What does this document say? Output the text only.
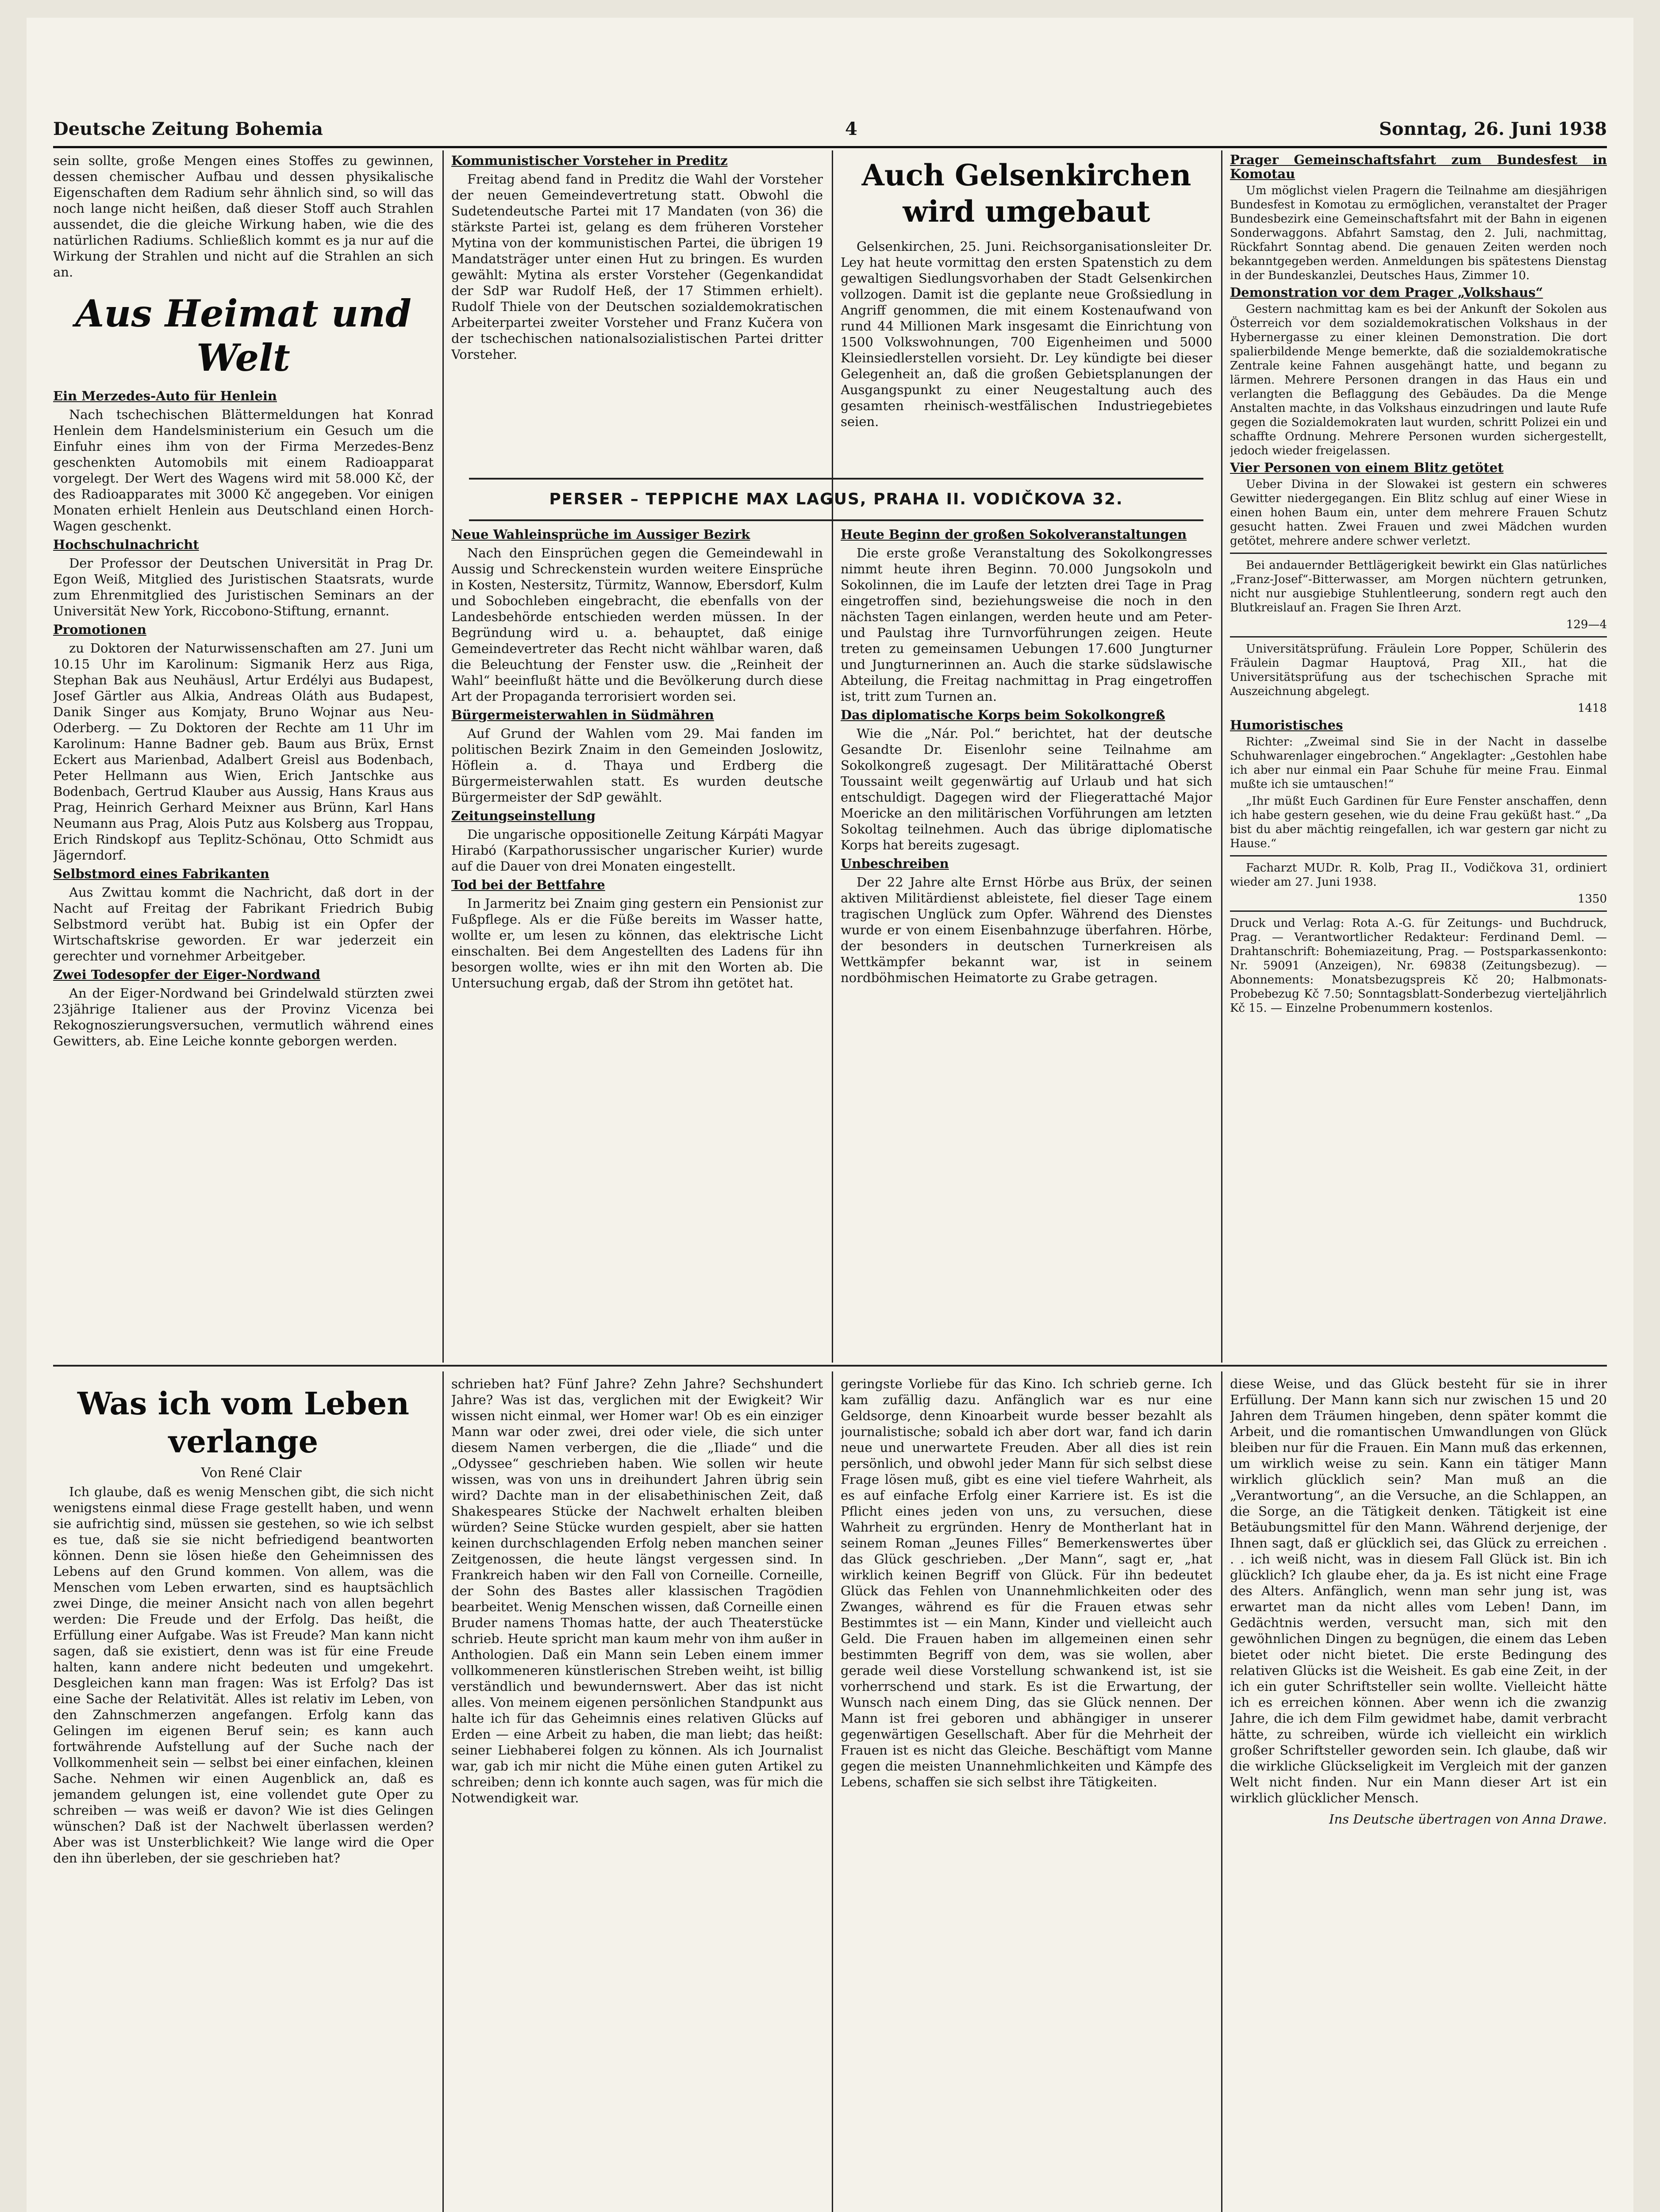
Deutsche Zeitung Bohemia	4	Sonntag, 26. Juni 1938

sein sollte, große Mengen eines Stoffes zu gewinnen, dessen chemischer Aufbau und dessen physikalische Eigenschaften dem Radium sehr ähnlich sind, so will das noch lange nicht heißen, daß dieser Stoff auch Strahlen aussendet, die die gleiche Wirkung haben, wie die des natürlichen Radiums. Schließlich kommt es ja nur auf die Wirkung der Strahlen und nicht auf die Strahlen an sich an.

Aus Heimat und Welt

Ein Merzedes-Auto für Henlein

Nach tschechischen Blättermeldungen hat Konrad Henlein dem Handelsministerium ein Gesuch um die Einfuhr eines ihm von der Firma Merzedes-Benz geschenkten Automobils mit einem Radioapparat vorgelegt. Der Wert des Wagens wird mit 58.000 Kč, der des Radioapparates mit 3000 Kč angegeben. Vor einigen Monaten erhielt Henlein aus Deutschland einen Horch-Wagen geschenkt.

Hochschulnachricht

Der Professor der Deutschen Universität in Prag Dr. Egon Weiß, Mitglied des Juristischen Staatsrats, wurde zum Ehrenmitglied des Juristischen Seminars an der Universität New York, Riccobono-Stiftung, ernannt.

Promotionen

zu Doktoren der Naturwissenschaften am 27. Juni um 10.15 Uhr im Karolinum: Sigmanik Herz aus Riga, Stephan Bak aus Neuhäusl, Artur Erdélyi aus Budapest, Josef Gärtler aus Alkia, Andreas Oláth aus Budapest, Danik Singer aus Komjaty, Bruno Wojnar aus Neu-Oderberg. — Zu Doktoren der Rechte am 11 Uhr im Karolinum: Hanne Badner geb. Baum aus Brüx, Ernst Eckert aus Marienbad, Adalbert Greisl aus Bodenbach, Peter Hellmann aus Wien, Erich Jantschke aus Bodenbach, Gertrud Klauber aus Aussig, Hans Kraus aus Prag, Heinrich Gerhard Meixner aus Brünn, Karl Hans Neumann aus Prag, Alois Putz aus Kolsberg aus Troppau, Erich Rindskopf aus Teplitz-Schönau, Otto Schmidt aus Jägerndorf.

Selbstmord eines Fabrikanten

Aus Zwittau kommt die Nachricht, daß dort in der Nacht auf Freitag der Fabrikant Friedrich Bubig Selbstmord verübt hat. Bubig ist ein Opfer der Wirtschaftskrise geworden. Er war jederzeit ein gerechter und vornehmer Arbeitgeber.

Zwei Todesopfer der Eiger-Nordwand

An der Eiger-Nordwand bei Grindelwald stürzten zwei 23jährige Italiener aus der Provinz Vicenza bei Rekognoszierungsversuchen, vermutlich während eines Gewitters, ab. Eine Leiche konnte geborgen werden.

Kommunistischer Vorsteher in Preditz

Freitag abend fand in Preditz die Wahl der Vorsteher der neuen Gemeindevertretung statt. Obwohl die Sudetendeutsche Partei mit 17 Mandaten (von 36) die stärkste Partei ist, gelang es dem früheren Vorsteher Mytina von der kommunistischen Partei, die übrigen 19 Mandatsträger unter einen Hut zu bringen. Es wurden gewählt: Mytina als erster Vorsteher (Gegenkandidat der SdP war Rudolf Heß, der 17 Stimmen erhielt). Rudolf Thiele von der Deutschen sozialdemokratischen Arbeiterpartei zweiter Vorsteher und Franz Kučera von der tschechischen nationalsozialistischen Partei dritter Vorsteher.

Auch Gelsenkirchen wird umgebaut

Gelsenkirchen, 25. Juni. Reichsorganisationsleiter Dr. Ley hat heute vormittag den ersten Spatenstich zu dem gewaltigen Siedlungsvorhaben der Stadt Gelsenkirchen vollzogen. Damit ist die geplante neue Großsiedlung in Angriff genommen, die mit einem Kostenaufwand von rund 44 Millionen Mark insgesamt die Einrichtung von 1500 Volkswohnungen, 700 Eigenheimen und 5000 Kleinsiedlerstellen vorsieht. Dr. Ley kündigte bei dieser Gelegenheit an, daß die großen Gebietsplanungen der Ausgangspunkt zu einer Neugestaltung auch des gesamten rheinisch-westfälischen Industriegebietes seien.

PERSER – TEPPICHE MAX LAGUS, PRAHA II. VODIČKOVA 32.

Neue Wahleinsprüche im Aussiger Bezirk

Nach den Einsprüchen gegen die Gemeindewahl in Aussig und Schreckenstein wurden weitere Einsprüche in Kosten, Nestersitz, Türmitz, Wannow, Ebersdorf, Kulm und Sobochleben eingebracht, die ebenfalls von der Landesbehörde entschieden werden müssen. In der Begründung wird u. a. behauptet, daß einige Gemeindevertreter das Recht nicht wählbar waren, daß die Beleuchtung der Fenster usw. die „Reinheit der Wahl“ beeinflußt hätte und die Bevölkerung durch diese Art der Propaganda terrorisiert worden sei.

Bürgermeisterwahlen in Südmähren

Auf Grund der Wahlen vom 29. Mai fanden im politischen Bezirk Znaim in den Gemeinden Joslowitz, Höflein a. d. Thaya und Erdberg die Bürgermeisterwahlen statt. Es wurden deutsche Bürgermeister der SdP gewählt.

Zeitungseinstellung

Die ungarische oppositionelle Zeitung Kárpáti Magyar Hirabó (Karpathorussischer ungarischer Kurier) wurde auf die Dauer von drei Monaten eingestellt.

Tod bei der Bettfahre

In Jarmeritz bei Znaim ging gestern ein Pensionist zur Fußpflege. Als er die Füße bereits im Wasser hatte, wollte er, um lesen zu können, das elektrische Licht einschalten. Bei dem Angestellten des Ladens für ihn besorgen wollte, wies er ihn mit den Worten ab. Die Untersuchung ergab, daß der Strom ihn getötet hat.

Heute Beginn der großen Sokolveranstaltungen

Die erste große Veranstaltung des Sokolkongresses nimmt heute ihren Beginn. 70.000 Jungsokoln und Sokolinnen, die im Laufe der letzten drei Tage in Prag eingetroffen sind, beziehungsweise die noch in den nächsten Tagen einlangen, werden heute und am Peter- und Paulstag ihre Turnvorführungen zeigen. Heute treten zu gemeinsamen Uebungen 17.600 Jungturner und Jungturnerinnen an. Auch die starke südslawische Abteilung, die Freitag nachmittag in Prag eingetroffen ist, tritt zum Turnen an.

Das diplomatische Korps beim Sokolkongreß

Wie die „Nár. Pol.“ berichtet, hat der deutsche Gesandte Dr. Eisenlohr seine Teilnahme am Sokolkongreß zugesagt. Der Militärattaché Oberst Toussaint weilt gegenwärtig auf Urlaub und hat sich entschuldigt. Dagegen wird der Fliegerattaché Major Moericke an den militärischen Vorführungen am letzten Sokoltag teilnehmen. Auch das übrige diplomatische Korps hat bereits zugesagt.

Unbeschreiben

Der 22 Jahre alte Ernst Hörbe aus Brüx, der seinen aktiven Militärdienst ableistete, fiel dieser Tage einem tragischen Unglück zum Opfer. Während des Dienstes wurde er von einem Eisenbahnzuge überfahren. Hörbe, der besonders in deutschen Turnerkreisen als Wettkämpfer bekannt war, ist in seinem nordböhmischen Heimatorte zu Grabe getragen.

Prager Gemeinschaftsfahrt zum Bundesfest in Komotau

Um möglichst vielen Pragern die Teilnahme am diesjährigen Bundesfest in Komotau zu ermöglichen, veranstaltet der Prager Bundesbezirk eine Gemeinschaftsfahrt mit der Bahn in eigenen Sonderwaggons. Abfahrt Samstag, den 2. Juli, nachmittag, Rückfahrt Sonntag abend. Die genauen Zeiten werden noch bekanntgegeben werden. Anmeldungen bis spätestens Dienstag in der Bundeskanzlei, Deutsches Haus, Zimmer 10.

Demonstration vor dem Prager „Volkshaus“

Gestern nachmittag kam es bei der Ankunft der Sokolen aus Österreich vor dem sozialdemokratischen Volkshaus in der Hybernergasse zu einer kleinen Demonstration. Die dort spalierbildende Menge bemerkte, daß die sozialdemokratische Zentrale keine Fahnen ausgehängt hatte, und begann zu lärmen. Mehrere Personen drangen in das Haus ein und verlangten die Beflaggung des Gebäudes. Da die Menge Anstalten machte, in das Volkshaus einzudringen und laute Rufe gegen die Sozialdemokraten laut wurden, schritt Polizei ein und schaffte Ordnung. Mehrere Personen wurden sichergestellt, jedoch wieder freigelassen.

Vier Personen von einem Blitz getötet

Ueber Divina in der Slowakei ist gestern ein schweres Gewitter niedergegangen. Ein Blitz schlug auf einer Wiese in einen hohen Baum ein, unter dem mehrere Frauen Schutz gesucht hatten. Zwei Frauen und zwei Mädchen wurden getötet, mehrere andere schwer verletzt.

Bei andauernder Bettlägerigkeit bewirkt ein Glas natürliches „Franz-Josef“-Bitterwasser, am Morgen nüchtern getrunken, nicht nur ausgiebige Stuhlentleerung, sondern regt auch den Blutkreislauf an. Fragen Sie Ihren Arzt.

129—4

Universitätsprüfung. Fräulein Lore Popper, Schülerin des Fräulein Dagmar Hauptová, Prag XII., hat die Universitätsprüfung aus der tschechischen Sprache mit Auszeichnung abgelegt.

1418

Humoristisches

Richter: „Zweimal sind Sie in der Nacht in dasselbe Schuhwarenlager eingebrochen.“ Angeklagter: „Gestohlen habe ich aber nur einmal ein Paar Schuhe für meine Frau. Einmal mußte ich sie umtauschen!“

„Ihr müßt Euch Gardinen für Eure Fenster anschaffen, denn ich habe gestern gesehen, wie du deine Frau geküßt hast.“ „Da bist du aber mächtig reingefallen, ich war gestern gar nicht zu Hause.“

Facharzt MUDr. R. Kolb, Prag II., Vodičkova 31, ordiniert wieder am 27. Juni 1938.

1350

Druck und Verlag: Rota A.-G. für Zeitungs- und Buchdruck, Prag. — Verantwortlicher Redakteur: Ferdinand Deml. — Drahtanschrift: Bohemiazeitung, Prag. — Postsparkassenkonto: Nr. 59091 (Anzeigen), Nr. 69838 (Zeitungsbezug). — Abonnements: Monatsbezugspreis Kč 20; Halbmonats-Probebezug Kč 7.50; Sonntagsblatt-Sonderbezug vierteljährlich Kč 15. — Einzelne Probenummern kostenlos.

Was ich vom Leben verlange

Von René Clair

Ich glaube, daß es wenig Menschen gibt, die sich nicht wenigstens einmal diese Frage gestellt haben, und wenn sie aufrichtig sind, müssen sie gestehen, so wie ich selbst es tue, daß sie sie nicht befriedigend beantworten können. Denn sie lösen hieße den Geheimnissen des Lebens auf den Grund kommen. Von allem, was die Menschen vom Leben erwarten, sind es hauptsächlich zwei Dinge, die meiner Ansicht nach von allen begehrt werden: Die Freude und der Erfolg. Das heißt, die Erfüllung einer Aufgabe. Was ist Freude? Man kann nicht sagen, daß sie existiert, denn was ist für eine Freude halten, kann andere nicht bedeuten und umgekehrt. Desgleichen kann man fragen: Was ist Erfolg? Das ist eine Sache der Relativität. Alles ist relativ im Leben, von den Zahnschmerzen angefangen. Erfolg kann das Gelingen im eigenen Beruf sein; es kann auch fortwährende Aufstellung auf der Suche nach der Vollkommenheit sein — selbst bei einer einfachen, kleinen Sache. Nehmen wir einen Augenblick an, daß es jemandem gelungen ist, eine vollendet gute Oper zu schreiben — was weiß er davon? Wie ist dies Gelingen wünschen? Daß ist der Nachwelt überlassen werden? Aber was ist Unsterblichkeit? Wie lange wird die Oper den ihn überleben, der sie geschrieben hat?

schrieben hat? Fünf Jahre? Zehn Jahre? Sechshundert Jahre? Was ist das, verglichen mit der Ewigkeit? Wir wissen nicht einmal, wer Homer war! Ob es ein einziger Mann war oder zwei, drei oder viele, die sich unter diesem Namen verbergen, die die „Iliade“ und die „Odyssee“ geschrieben haben. Wie sollen wir heute wissen, was von uns in dreihundert Jahren übrig sein wird? Dachte man in der elisabethinischen Zeit, daß Shakespeares Stücke der Nachwelt erhalten bleiben würden? Seine Stücke wurden gespielt, aber sie hatten keinen durchschlagenden Erfolg neben manchen seiner Zeitgenossen, die heute längst vergessen sind. In Frankreich haben wir den Fall von Corneille. Corneille, der Sohn des Bastes aller klassischen Tragödien bearbeitet. Wenig Menschen wissen, daß Corneille einen Bruder namens Thomas hatte, der auch Theaterstücke schrieb. Heute spricht man kaum mehr von ihm außer in Anthologien. Daß ein Mann sein Leben einem immer vollkommeneren künstlerischen Streben weiht, ist billig verständlich und bewundernswert. Aber das ist nicht alles. Von meinem eigenen persönlichen Standpunkt aus halte ich für das Geheimnis eines relativen Glücks auf Erden — eine Arbeit zu haben, die man liebt; das heißt: seiner Liebhaberei folgen zu können. Als ich Journalist war, gab ich mir nicht die Mühe einen guten Artikel zu schreiben; denn ich konnte auch sagen, was für mich die Notwendigkeit war.

geringste Vorliebe für das Kino. Ich schrieb gerne. Ich kam zufällig dazu. Anfänglich war es nur eine Geldsorge, denn Kinoarbeit wurde besser bezahlt als journalistische; sobald ich aber dort war, fand ich darin neue und unerwartete Freuden. Aber all dies ist rein persönlich, und obwohl jeder Mann für sich selbst diese Frage lösen muß, gibt es eine viel tiefere Wahrheit, als es auf einfache Erfolg einer Karriere ist. Es ist die Pflicht eines jeden von uns, zu versuchen, diese Wahrheit zu ergründen. Henry de Montherlant hat in seinem Roman „Jeunes Filles“ Bemerkenswertes über das Glück geschrieben. „Der Mann“, sagt er, „hat wirklich keinen Begriff von Glück. Für ihn bedeutet Glück das Fehlen von Unannehmlichkeiten oder des Zwanges, während es für die Frauen etwas sehr Bestimmtes ist — ein Mann, Kinder und vielleicht auch Geld. Die Frauen haben im allgemeinen einen sehr bestimmten Begriff von dem, was sie wollen, aber gerade weil diese Vorstellung schwankend ist, ist sie vorherrschend und stark. Es ist die Erwartung, der Wunsch nach einem Ding, das sie Glück nennen. Der Mann ist frei geboren und abhängiger in unserer gegenwärtigen Gesellschaft. Aber für die Mehrheit der Frauen ist es nicht das Gleiche. Beschäftigt vom Manne gegen die meisten Unannehmlichkeiten und Kämpfe des Lebens, schaffen sie sich selbst ihre Tätigkeiten.

diese Weise, und das Glück besteht für sie in ihrer Erfüllung. Der Mann kann sich nur zwischen 15 und 20 Jahren dem Träumen hingeben, denn später kommt die Arbeit, und die romantischen Umwandlungen von Glück bleiben nur für die Frauen. Ein Mann muß das erkennen, um wirklich weise zu sein. Kann ein tätiger Mann wirklich glücklich sein? Man muß an die „Verantwortung“, an die Versuche, an die Schlappen, an die Sorge, an die Tätigkeit denken. Tätigkeit ist eine Betäubungsmittel für den Mann. Während derjenige, der Ihnen sagt, daß er glücklich sei, das Glück zu erreichen . . . ich weiß nicht, was in diesem Fall Glück ist. Bin ich glücklich? Ich glaube eher, da ja. Es ist nicht eine Frage des Alters. Anfänglich, wenn man sehr jung ist, was erwartet man da nicht alles vom Leben! Dann, im Gedächtnis werden, versucht man, sich mit den gewöhnlichen Dingen zu begnügen, die einem das Leben bietet oder nicht bietet. Die erste Bedingung des relativen Glücks ist die Weisheit. Es gab eine Zeit, in der ich ein guter Schriftsteller sein wollte. Vielleicht hätte ich es erreichen können. Aber wenn ich die zwanzig Jahre, die ich dem Film gewidmet habe, damit verbracht hätte, zu schreiben, würde ich vielleicht ein wirklich großer Schriftsteller geworden sein. Ich glaube, daß wir die wirkliche Glückseligkeit im Vergleich mit der ganzen Welt nicht finden. Nur ein Mann dieser Art ist ein wirklich glücklicher Mensch.

Ins Deutsche übertragen von Anna Drawe.
